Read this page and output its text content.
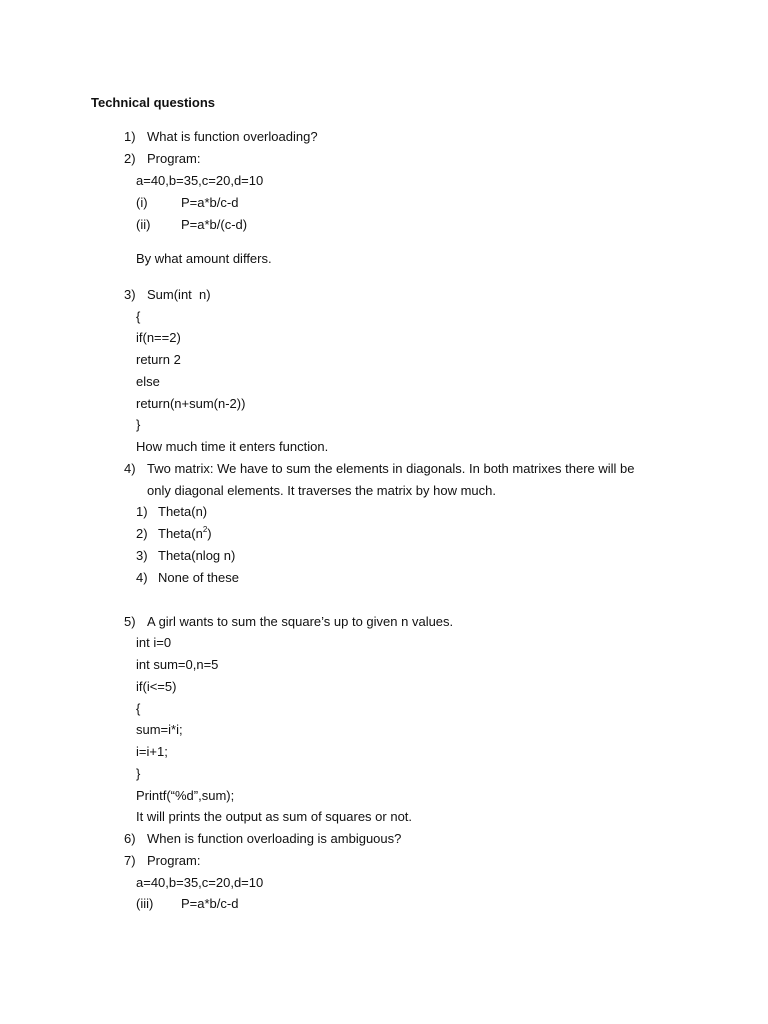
Technical questions
1) What is function overloading?
2) Program:
a=40,b=35,c=20,d=10
(i)	P=a*b/c-d
(ii) P=a*b/(c-d)
By what amount differs.
3) Sum(int  n)
{
if(n==2)
return 2
else
return(n+sum(n-2))
}
How much time it enters function.
4) Two matrix: We have to sum the elements in diagonals. In both matrixes there will be
only diagonal elements. It traverses the matrix by how much.
1) Theta(n)
2) $Theta(n^2)$
3) Theta(nlog n)
4) None of these
5) A girl wants to sum the square’s up to given n values.
int i=0
int sum=0,n=5
if(i<=5)
{
sum=i*i;
i=i+1;
}
Printf(“%d”,sum);
It will prints the output as sum of squares or not.
6) When is function overloading is ambiguous?
7) Program:
a=40,b=35,c=20,d=10
(iii) P=a*b/c-d
